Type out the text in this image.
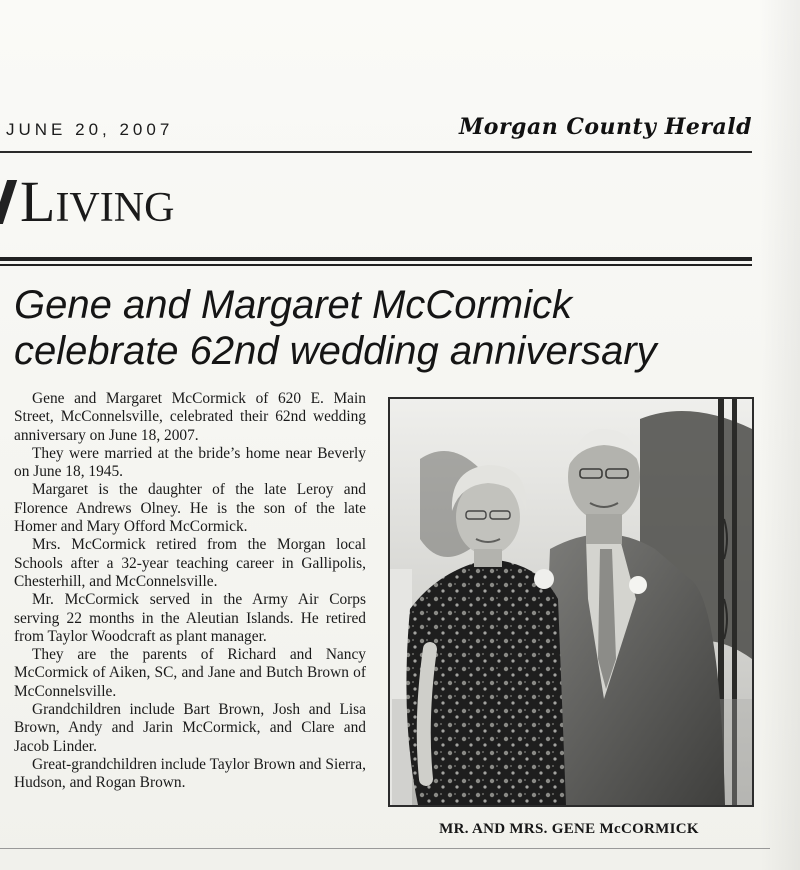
JUNE 20, 2007	Morgan County Herald
LIVING
Gene and Margaret McCormick
celebrate 62nd wedding anniversary

Gene and Margaret McCormick of 620 E. Main Street, McConnelsville, celebrated their 62nd wedding anniversary on June 18, 2007.

They were married at the bride’s home near Beverly on June 18, 1945.

Margaret is the daughter of the late Leroy and Florence Andrews Olney. He is the son of the late Homer and Mary Offord McCormick.

Mrs. McCormick retired from the Morgan local Schools after a 32-year teaching career in Gallipolis, Chesterhill, and McConnelsville.

Mr. McCormick served in the Army Air Corps serving 22 months in the Aleutian Islands. He retired from Taylor Woodcraft as plant manager.

They are the parents of Richard and Nancy McCormick of Aiken, SC, and Jane and Butch Brown of McConnelsville.

Grandchildren include Bart Brown, Josh and Lisa Brown, Andy and Jarin McCormick, and Clare and Jacob Linder.

Great-grandchildren include Taylor Brown and Sierra, Hudson, and Rogan Brown.

MR. AND MRS. GENE McCORMICK
